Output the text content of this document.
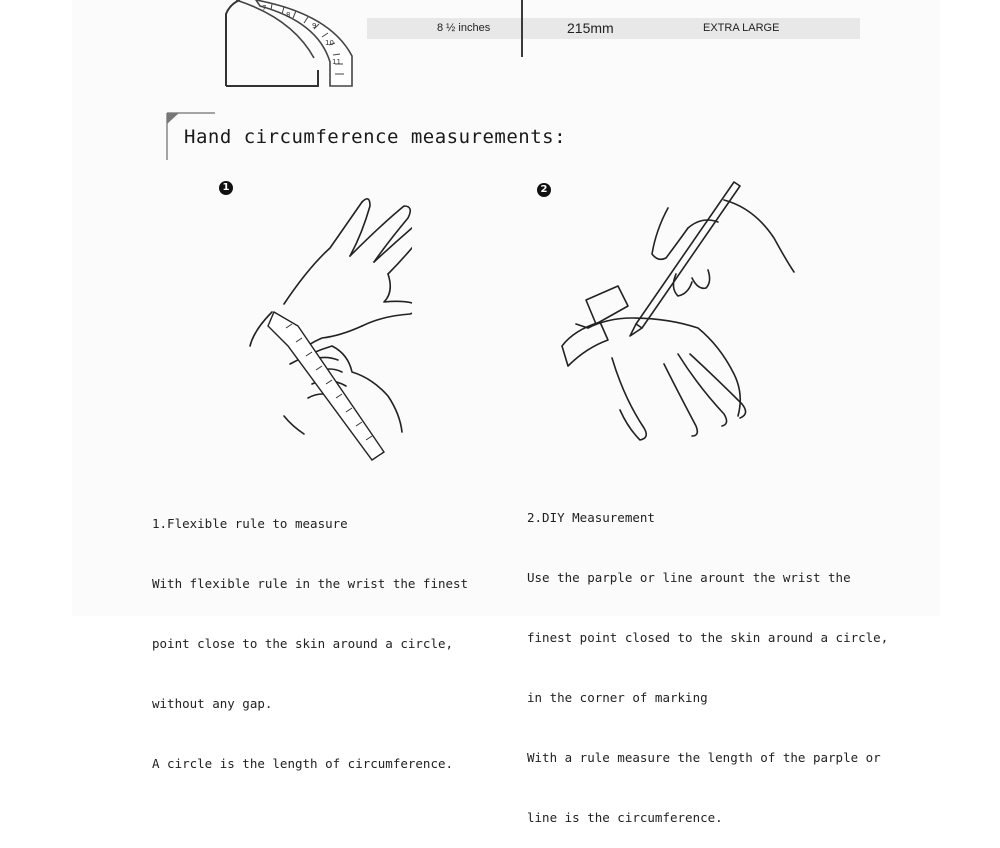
7
8
9
10
11
8 ½ inches	215mm	EXTRA LARGE
Hand circumference measurements:
1	2

1.Flexible rule to measure

With flexible rule in the wrist the finest

point close to the skin around a circle,

without any gap.

A circle is the length of circumference.

2.DIY Measurement

Use the parple or line arount the wrist the

finest point closed to the skin around a circle,

in the corner of marking

With a rule measure the length of the parple or

line is the circumference.
